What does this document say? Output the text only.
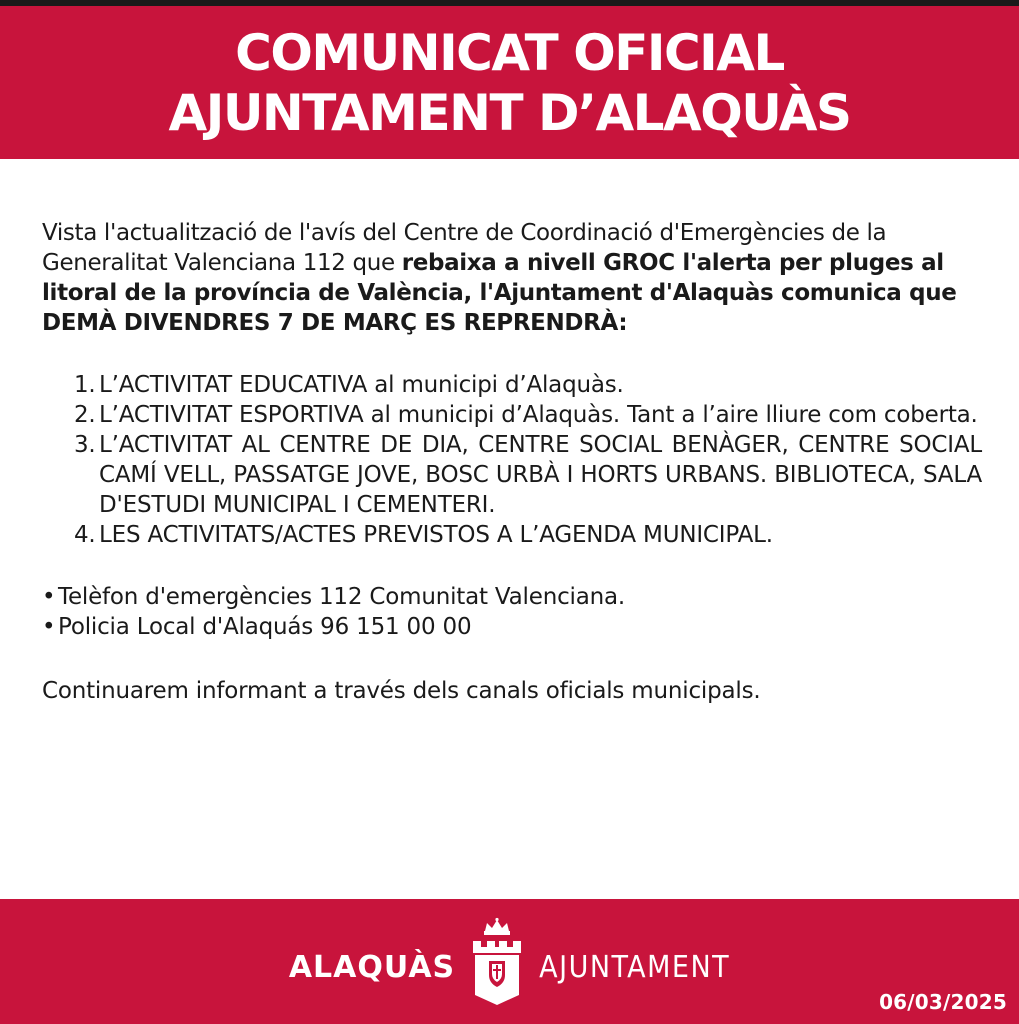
COMUNICAT OFICIAL
AJUNTAMENT D’ALAQUÀS

Vista l'actualització de l'avís del Centre de Coordinació d'Emergències de la Generalitat Valenciana 112 que rebaixa a nivell GROC l'alerta per pluges al litoral de la província de València, l'Ajuntament d'Alaquàs comunica que DEMÀ DIVENDRES 7 DE MARÇ ES REPRENDRÀ:

1. L’ACTIVITAT EDUCATIVA al municipi d’Alaquàs.
2. L’ACTIVITAT ESPORTIVA al municipi d’Alaquàs. Tant a l’aire lliure com coberta.
3. L’ACTIVITAT AL CENTRE DE DIA, CENTRE SOCIAL BENÀGER, CENTRE SOCIAL CAMÍ VELL, PASSATGE JOVE, BOSC URBÀ I HORTS URBANS. BIBLIOTECA, SALA D'ESTUDI MUNICIPAL I CEMENTERI.
4. LES ACTIVITATS/ACTES PREVISTOS A L’AGENDA MUNICIPAL.
• Telèfon d'emergències 112 Comunitat Valenciana.
• Policia Local d'Alaquás 96 151 00 00

Continuarem informant a través dels canals oficials municipals.

ALAQUÀS	AJUNTAMENT
06/03/2025
